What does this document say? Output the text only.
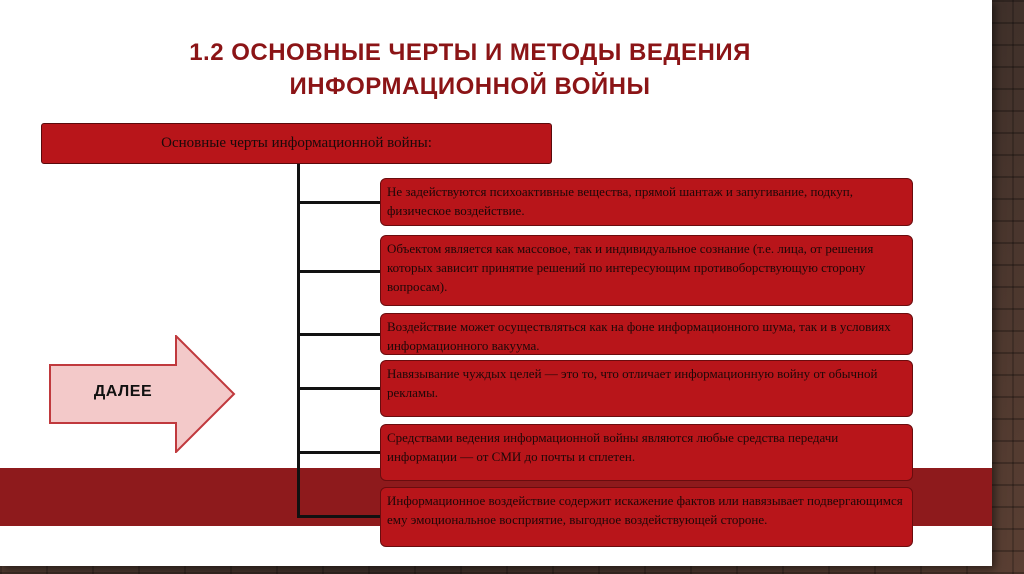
1.2 ОСНОВНЫЕ ЧЕРТЫ И МЕТОДЫ ВЕДЕНИЯ
ИНФОРМАЦИОННОЙ ВОЙНЫ
Основные черты информационной войны:
Не задействуются психоактивные вещества, прямой шантаж и запугивание, подкуп, физическое воздействие.
Объектом является как массовое, так и индивидуальное сознание (т.е. лица, от решения которых зависит принятие решений по интересующим противоборствующую сторону вопросам).
Воздействие может осуществляться как на фоне информационного шума, так и в условиях информационного вакуума.
Навязывание чуждых целей — это то, что отличает информационную войну от обычной рекламы.
Средствами ведения информационной войны являются любые средства передачи информации — от СМИ до почты и сплетен.
Информационное воздействие содержит искажение фактов или навязывает подвергающимся ему эмоциональное восприятие, выгодное воздействующей стороне.
ДАЛЕЕ
